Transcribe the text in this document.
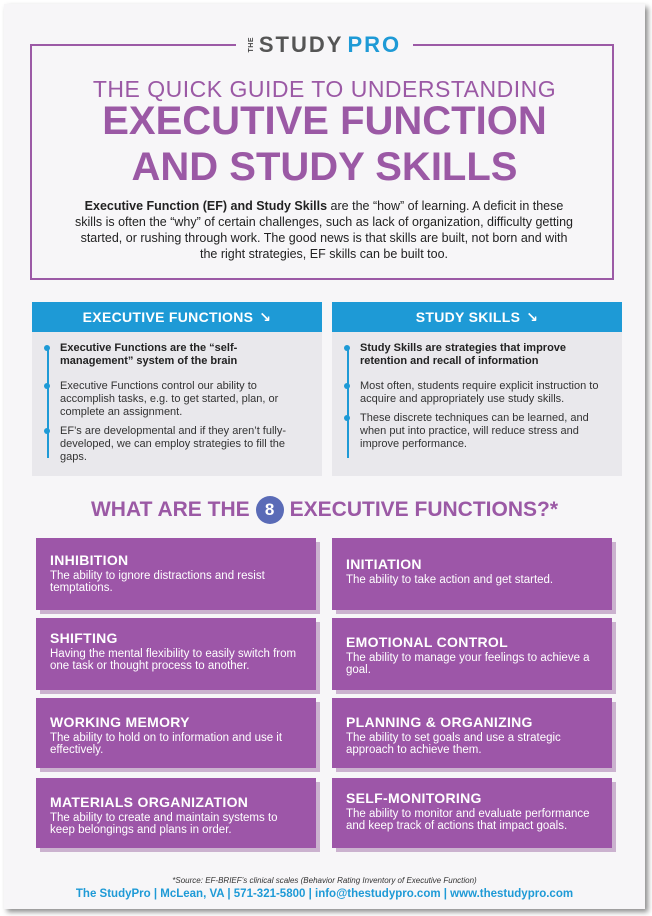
THE STUDY PRO
THE QUICK GUIDE TO UNDERSTANDING
EXECUTIVE FUNCTION
AND STUDY SKILLS

Executive Function (EF) and Study Skills are the “how” of learning. A deficit in these skills is often the “why” of certain challenges, such as lack of organization, difficulty getting started, or rushing through work. The good news is that skills are built, not born and with the right strategies, EF skills can be built too.

EXECUTIVE FUNCTIONS ↘
Executive Functions are the “self-management” system of the brain
Executive Functions control our ability to accomplish tasks, e.g. to get started, plan, or complete an assignment.
EF’s are developmental and if they aren’t fully-developed, we can employ strategies to fill the gaps.
STUDY SKILLS ↘
Study Skills are strategies that improve retention and recall of information
Most often, students require explicit instruction to acquire and appropriately use study skills.
These discrete techniques can be learned, and when put into practice, will reduce stress and improve performance.
WHAT ARE THE 8 EXECUTIVE FUNCTIONS?*
INHIBITION
The ability to ignore distractions and resist temptations.
INITIATION
The ability to take action and get started.
SHIFTING
Having the mental flexibility to easily switch from one task or thought process to another.
EMOTIONAL CONTROL
The ability to manage your feelings to achieve a goal.
WORKING MEMORY
The ability to hold on to information and use it effectively.
PLANNING & ORGANIZING
The ability to set goals and use a strategic approach to achieve them.
MATERIALS ORGANIZATION
The ability to create and maintain systems to keep belongings and plans in order.
SELF-MONITORING
The ability to monitor and evaluate performance and keep track of actions that impact goals.
*Source: EF-BRIEF’s clinical scales (Behavior Rating Inventory of Executive Function)
The StudyPro | McLean, VA | 571-321-5800 | info@thestudypro.com | www.thestudypro.com
